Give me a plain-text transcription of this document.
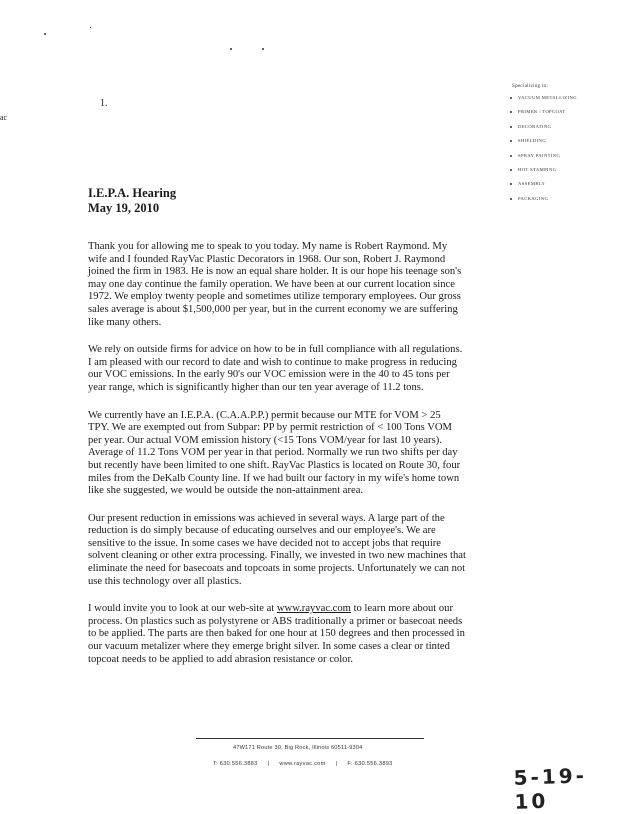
1.
ac
Specializing in:
VACUUM METALLIZING
PRIMER / TOPCOAT
DECORATING
SHIELDING
SPRAY PAINTING
HOT STAMPING
ASSEMBLY
PACKAGING
I.E.P.A. Hearing
May 19, 2010

Thank you for allowing me to speak to you today. My name is Robert Raymond. My
wife and I founded RayVac Plastic Decorators in 1968. Our son, Robert J. Raymond
joined the firm in 1983. He is now an equal share holder. It is our hope his teenage son's
may one day continue the family operation. We have been at our current location since
1972. We employ twenty people and sometimes utilize temporary employees. Our gross
sales average is about $1,500,000 per year, but in the current economy we are suffering
like many others.

We rely on outside firms for advice on how to be in full compliance with all regulations.
I am pleased with our record to date and wish to continue to make progress in reducing
our VOC emissions. In the early 90's our VOC emission were in the 40 to 45 tons per
year range, which is significantly higher than our ten year average of 11.2 tons.

We currently have an I.E.P.A. (C.A.A.P.P.) permit because our MTE for VOM > 25
TPY. We are exempted out from Subpar: PP by permit restriction of < 100 Tons VOM
per year. Our actual VOM emission history (<15 Tons VOM/year for last 10 years).
Average of 11.2 Tons VOM per year in that period. Normally we run two shifts per day
but recently have been limited to one shift. RayVac Plastics is located on Route 30, four
miles from the DeKalb County line. If we had built our factory in my wife's home town
like she suggested, we would be outside the non-attainment area.

Our present reduction in emissions was achieved in several ways. A large part of the
reduction is do simply because of educating ourselves and our employee's. We are
sensitive to the issue. In some cases we have decided not to accept jobs that require
solvent cleaning or other extra processing. Finally, we invested in two new machines that
eliminate the need for basecoats and topcoats in some projects. Unfortunately we can not
use this technology over all plastics.

I would invite you to look at our web-site at www.rayvac.com to learn more about our
process. On plastics such as polystyrene or ABS traditionally a primer or basecoat needs
to be applied. The parts are then baked for one hour at 150 degrees and then processed in
our vacuum metalizer where they emerge bright silver. In some cases a clear or tinted
topcoat needs to be applied to add abrasion resistance or color.

47W171 Route 30, Big Rock, Illinois 60511-9304
T: 630.556.3883 | www.rayvac.com | F: 630.556.3893	5-19-10
